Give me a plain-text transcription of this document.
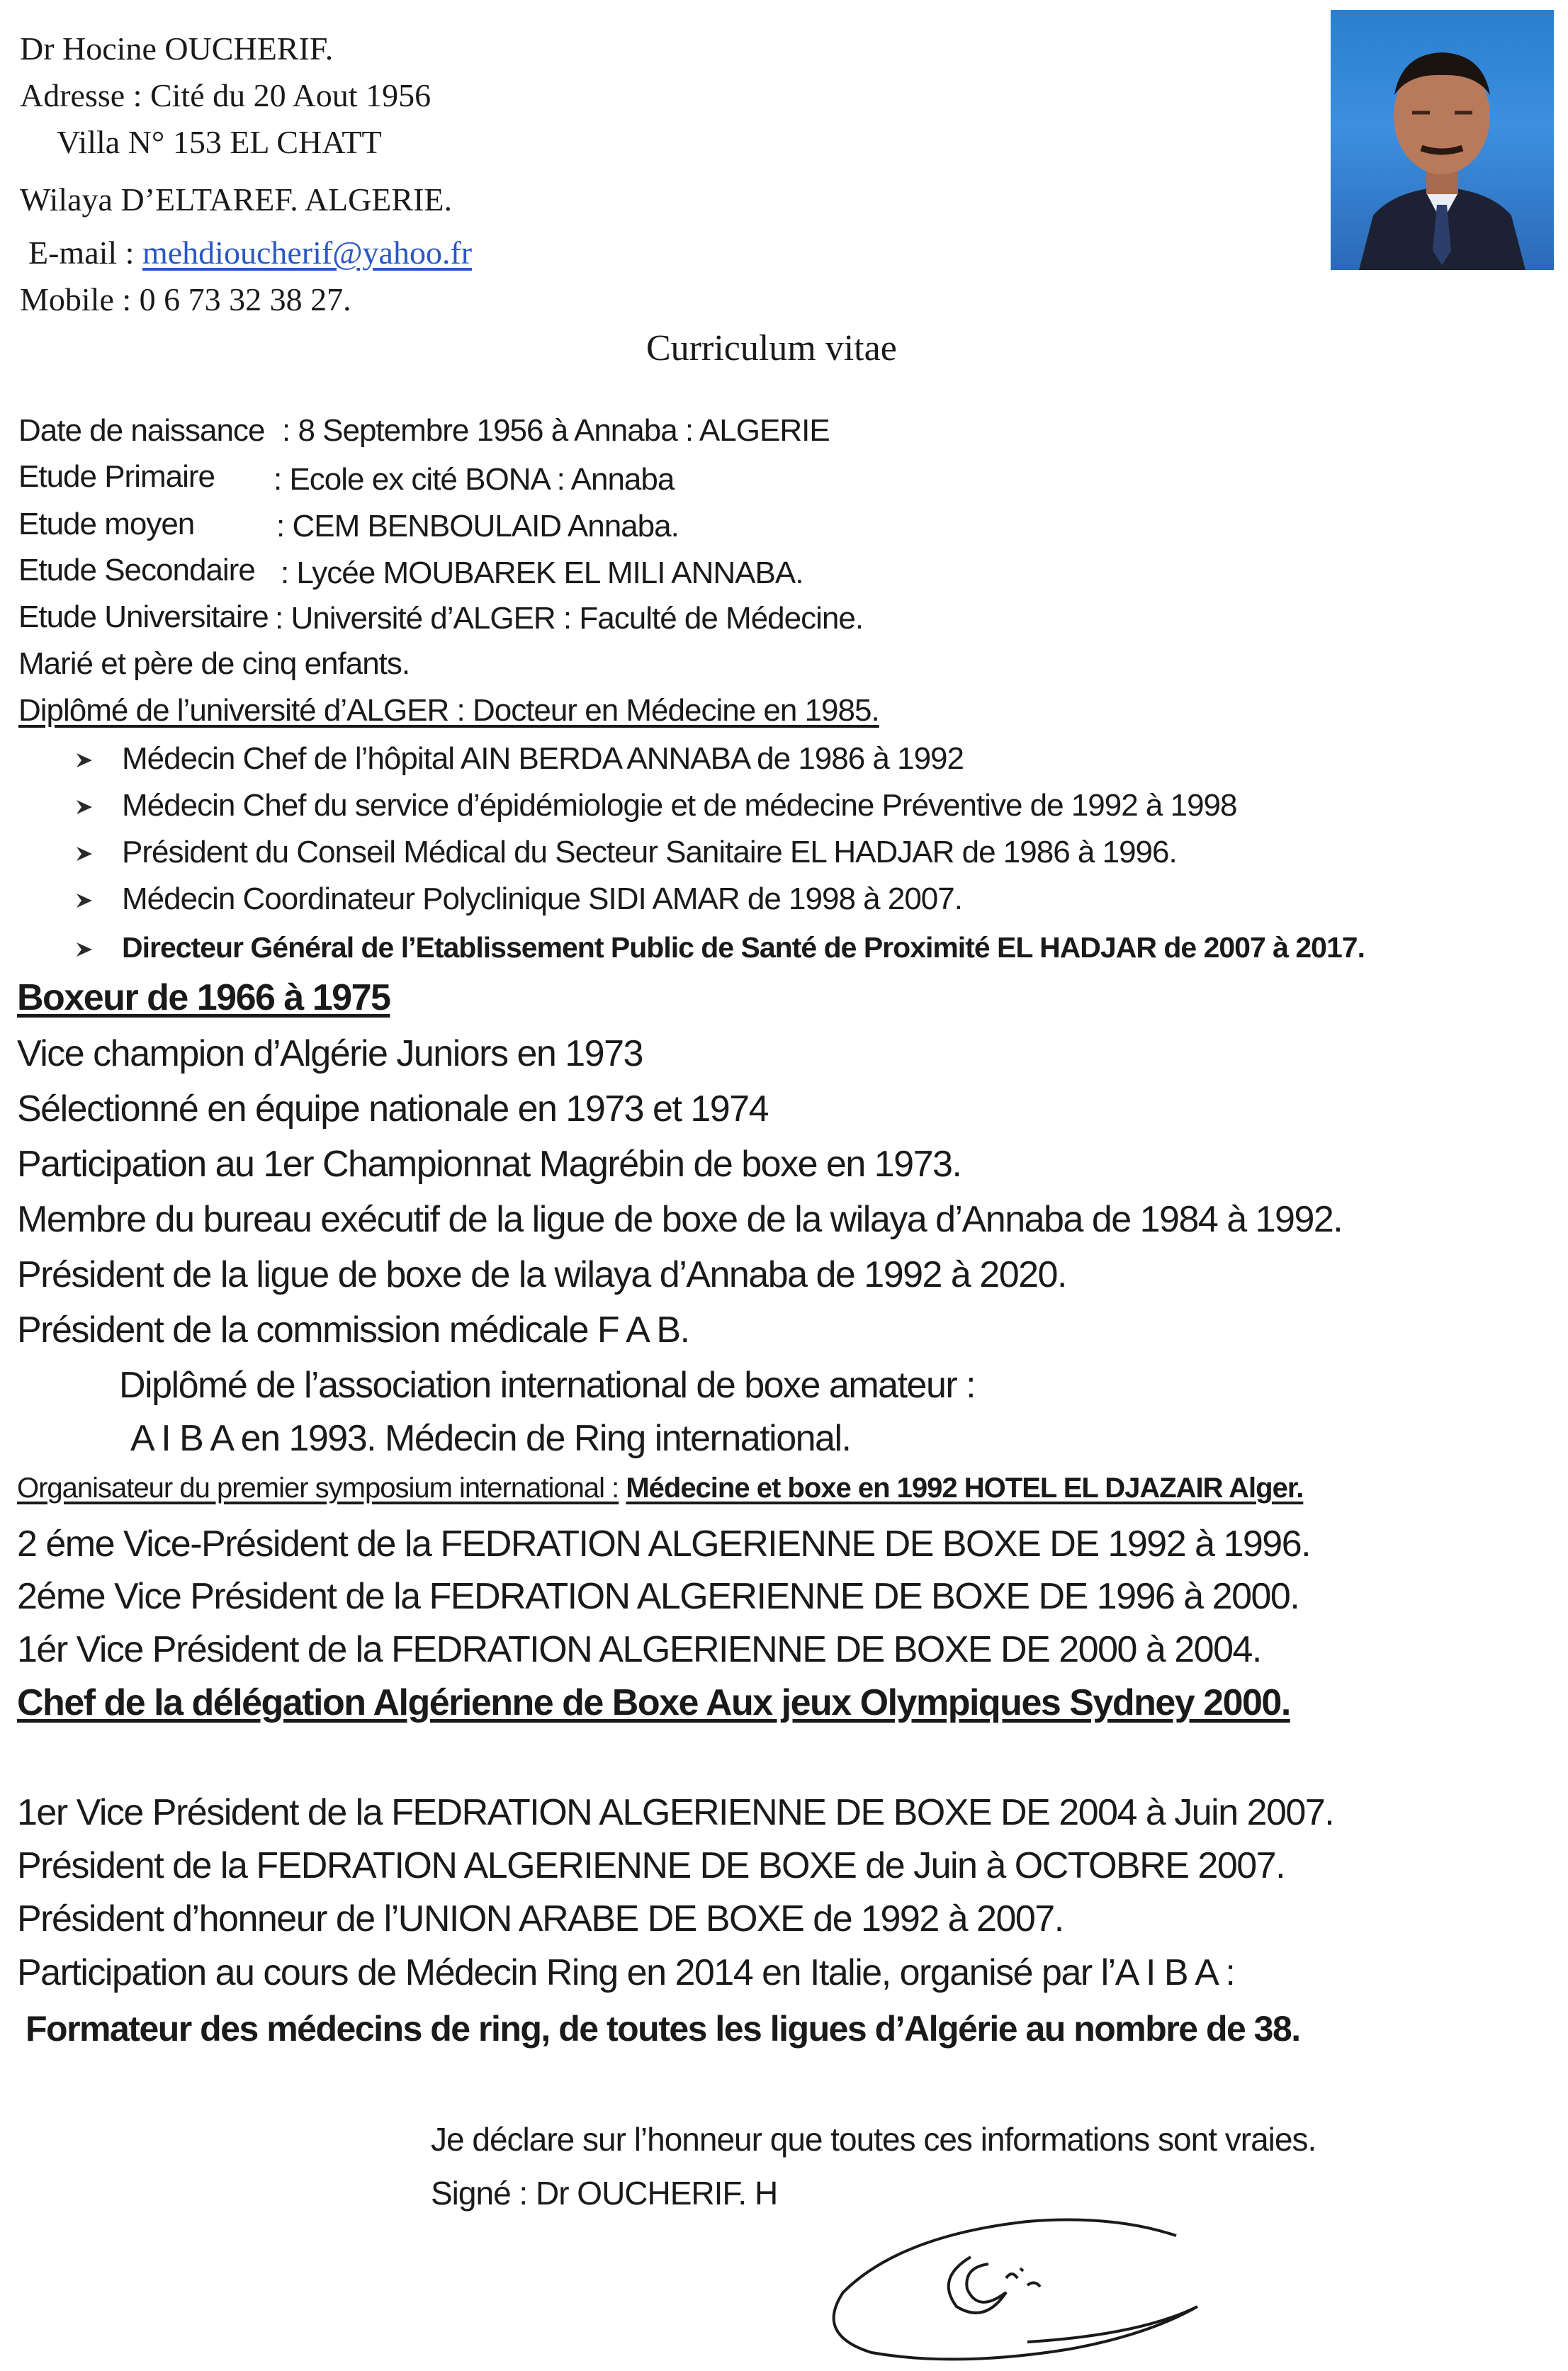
Dr Hocine OUCHERIF.
Adresse : Cité du 20 Aout 1956
Villa N° 153 EL CHATT
Wilaya D’ELTAREF. ALGERIE.
E-mail : mehdioucherif@yahoo.fr
Mobile : 0 6 73 32 38 27.
Curriculum vitae
Date de naissance : 8 Septembre 1956 à Annaba : ALGERIE
Etude Primaire : Ecole ex cité BONA : Annaba
Etude moyen	: CEM BENBOULAID Annaba.
Etude Secondaire : Lycée MOUBAREK EL MILI ANNABA.
Etude Universitaire : Université d’ALGER : Faculté de Médecine.
Marié et père de cinq enfants.
Diplômé de l’université d’ALGER : Docteur en Médecine en 1985.
Médecin Chef de l’hôpital AIN BERDA ANNABA de 1986 à 1992
Médecin Chef du service d’épidémiologie et de médecine Préventive de 1992 à 1998
Président du Conseil Médical du Secteur Sanitaire EL HADJAR de 1986 à 1996.
Médecin Coordinateur Polyclinique SIDI AMAR de 1998 à 2007.
Directeur Général de l’Etablissement Public de Santé de Proximité EL HADJAR de 2007 à 2017.
Boxeur de 1966 à 1975
Vice champion d’Algérie Juniors en 1973
Sélectionné en équipe nationale en 1973 et 1974
Participation au 1er Championnat Magrébin de boxe en 1973.
Membre du bureau exécutif de la ligue de boxe de la wilaya d’Annaba de 1984 à 1992.
Président de la ligue de boxe de la wilaya d’Annaba de 1992 à 2020.
Président de la commission médicale F A B.
Diplômé de l’association international de boxe amateur :
A I B A en 1993. Médecin de Ring international.
Organisateur du premier symposium international : Médecine et boxe en 1992 HOTEL EL DJAZAIR Alger.
2 éme Vice-Président de la FEDRATION ALGERIENNE DE BOXE DE 1992 à 1996.
2éme Vice Président de la FEDRATION ALGERIENNE DE BOXE DE 1996 à 2000.
1ér Vice Président de la FEDRATION ALGERIENNE DE BOXE DE 2000 à 2004.
Chef de la délégation Algérienne de Boxe Aux jeux Olympiques Sydney 2000.
1er Vice Président de la FEDRATION ALGERIENNE DE BOXE DE 2004 à Juin 2007.
Président de la FEDRATION ALGERIENNE DE BOXE de Juin à OCTOBRE 2007.
Président d’honneur de l’UNION ARABE DE BOXE de 1992 à 2007.
Participation au cours de Médecin Ring en 2014 en Italie, organisé par l’A I B A :
Formateur des médecins de ring, de toutes les ligues d’Algérie au nombre de 38.
Je déclare sur l’honneur que toutes ces informations sont vraies.
Signé : Dr OUCHERIF. H
